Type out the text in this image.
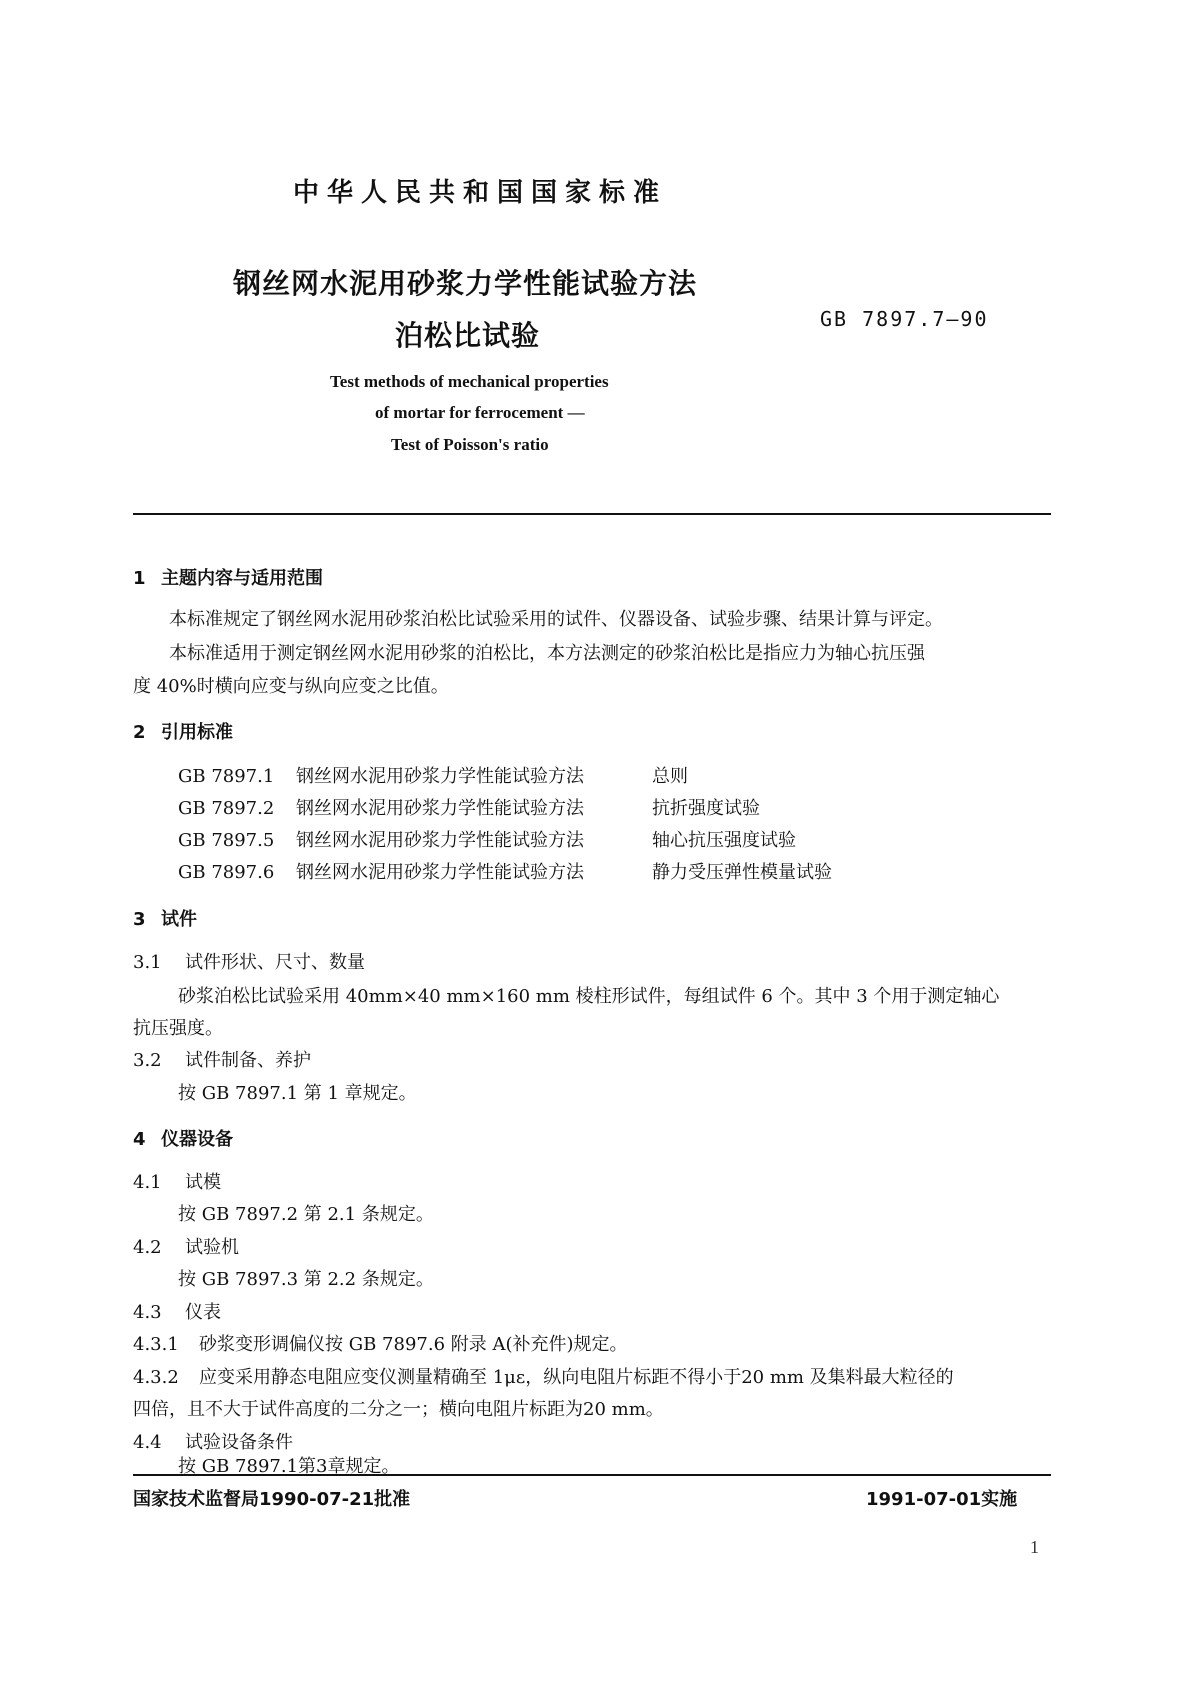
中华人民共和国国家标准
钢丝网水泥用砂浆力学性能试验方法
泊松比试验	GB 7897.7—90
Test methods of mechanical properties
of mortar for ferrocement —
Test of Poisson's ratio
1 主题内容与适用范围
本标准规定了钢丝网水泥用砂浆泊松比试验采用的试件、仪器设备、试验步骤、结果计算与评定。
本标准适用于测定钢丝网水泥用砂浆的泊松比，本方法测定的砂浆泊松比是指应力为轴心抗压强
度 40%时横向应变与纵向应变之比值。
2 引用标准
GB 7897.1 钢丝网水泥用砂浆力学性能试验方法	总则
GB 7897.2 钢丝网水泥用砂浆力学性能试验方法	抗折强度试验
GB 7897.5 钢丝网水泥用砂浆力学性能试验方法	轴心抗压强度试验
GB 7897.6 钢丝网水泥用砂浆力学性能试验方法	静力受压弹性模量试验
3 试件
3.1 试件形状、尺寸、数量
砂浆泊松比试验采用 40mm×40 mm×160 mm 棱柱形试件，每组试件 6 个。其中 3 个用于测定轴心
抗压强度。
3.2 试件制备、养护
按 GB 7897.1 第 1 章规定。
4 仪器设备
4.1 试模
按 GB 7897.2 第 2.1 条规定。
4.2 试验机
按 GB 7897.3 第 2.2 条规定。
4.3 仪表
4.3.1 砂浆变形调偏仪按 GB 7897.6 附录 A(补充件)规定。
4.3.2 应变采用静态电阻应变仪测量精确至 1με，纵向电阻片标距不得小于20 mm 及集料最大粒径的
四倍，且不大于试件高度的二分之一；横向电阻片标距为20 mm。
4.4 试验设备条件
按 GB 7897.1第3章规定。
国家技术监督局1990-07-21批准	1991-07-01实施
1
